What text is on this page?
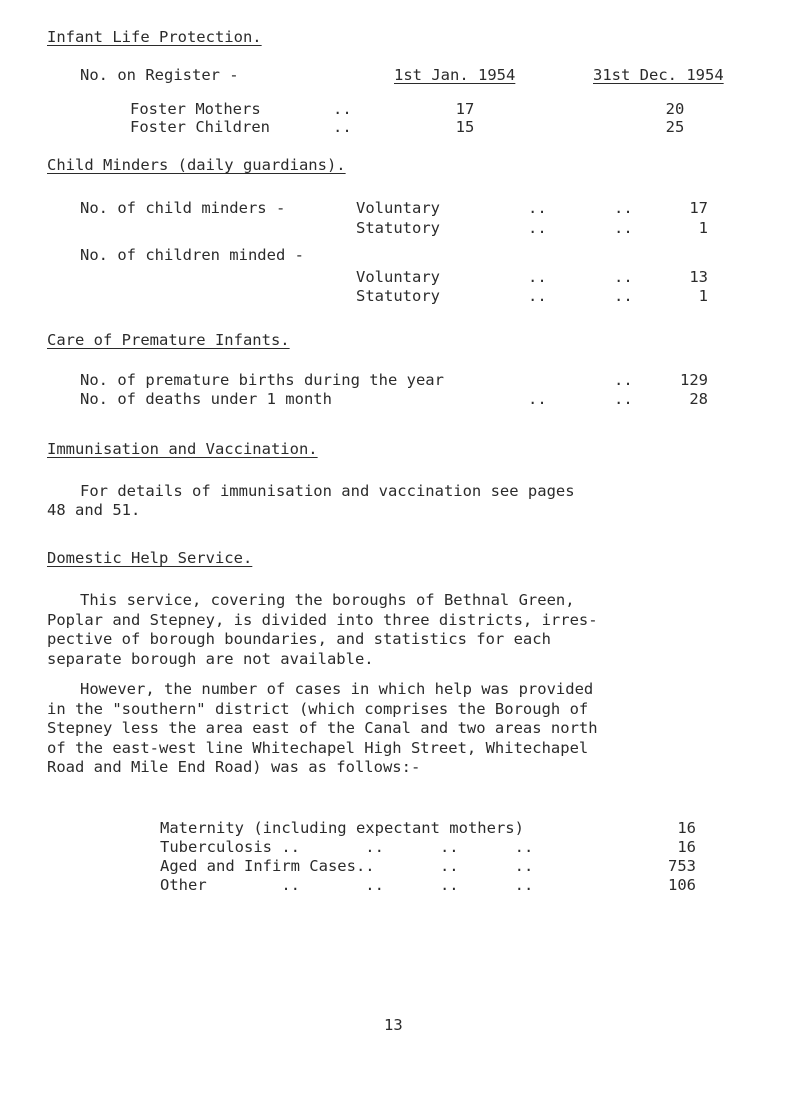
Infant Life Protection.
No. on Register -	1st Jan. 1954	31st Dec. 1954
Foster Mothers	..	17	20
Foster Children	..	15	25
Child Minders (daily guardians).
No. of child minders -	Voluntary	..	..	17
Statutory	..	..	1
No. of children minded -
Voluntary	..	..	13
Statutory	..	..	1
Care of Premature Infants.
No. of premature births during the year	..	129
No. of deaths under 1 month	..	..	28
Immunisation and Vaccination.
For details of immunisation and vaccination see pages
48 and 51.
Domestic Help Service.
This service, covering the boroughs of Bethnal Green,
Poplar and Stepney, is divided into three districts, irres-
pective of borough boundaries, and statistics for each
separate borough are not available.
However, the number of cases in which help was provided
in the "southern" district (which comprises the Borough of
Stepney less the area east of the Canal and two areas north
of the east-west line Whitechapel High Street, Whitechapel
Road and Mile End Road) was as follows:-
Maternity (including expectant mothers)	16
Tuberculosis ..       ..      ..      ..	16
Aged and Infirm Cases..       ..      ..	753
Other        ..       ..      ..      ..	106
13
